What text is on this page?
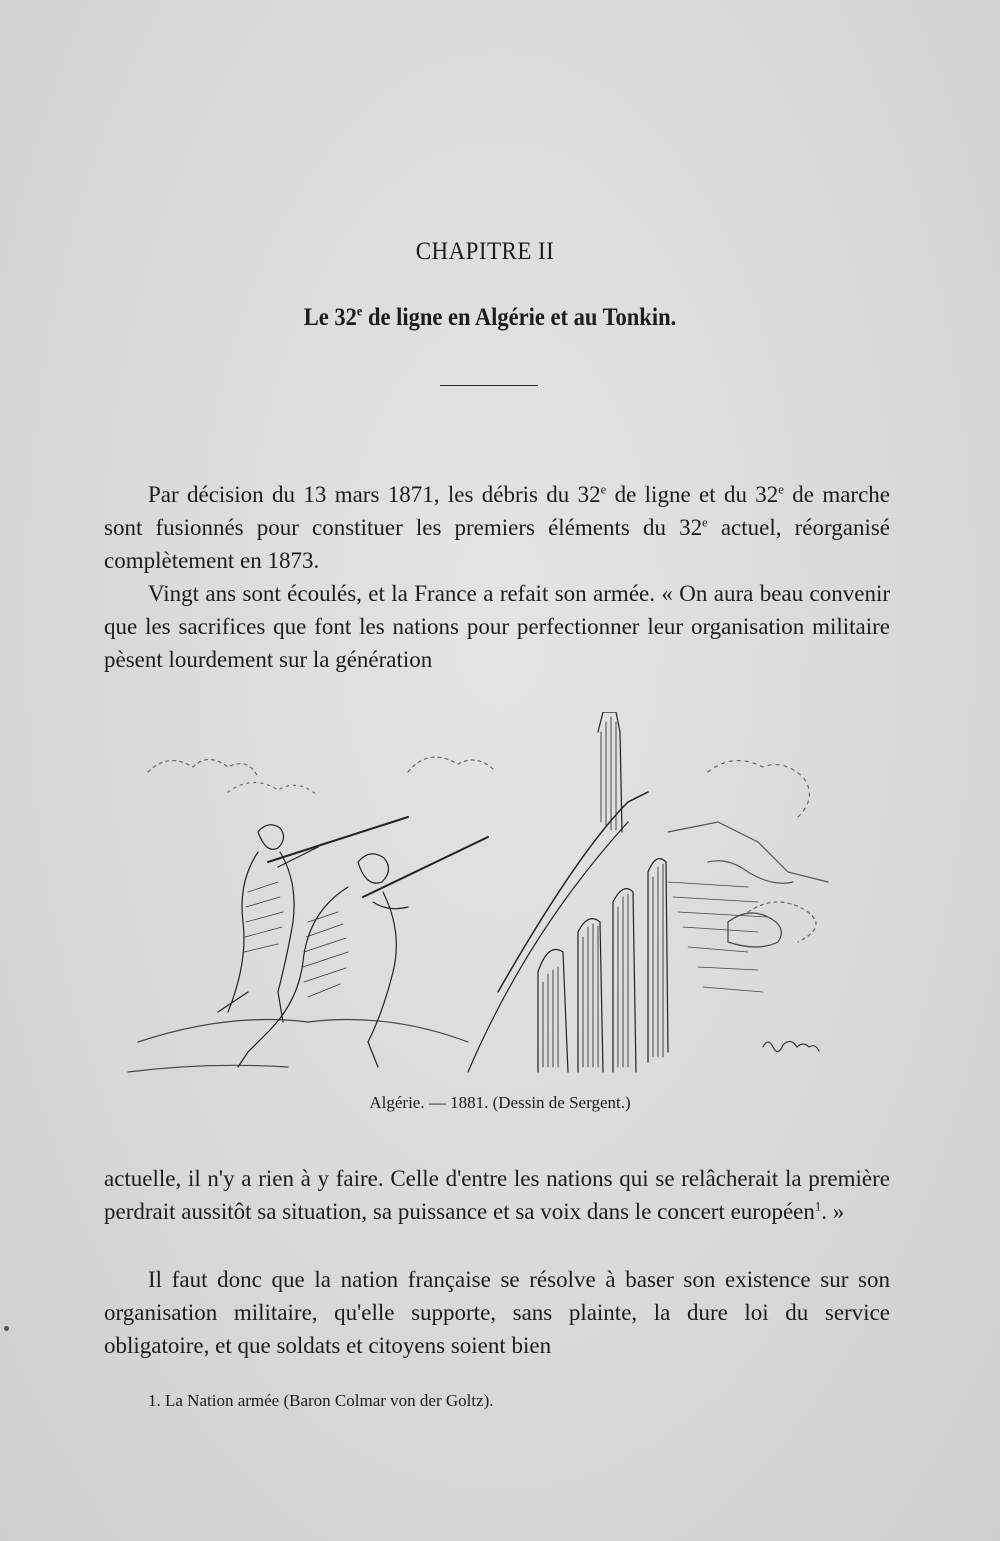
CHAPITRE II
Le 32e de ligne en Algérie et au Tonkin.

Par décision du 13 mars 1871, les débris du 32e de ligne et du 32e de marche sont fusionnés pour constituer les premiers éléments du 32e actuel, réorganisé complètement en 1873.
Vingt ans sont écoulés, et la France a refait son armée. « On aura beau convenir que les sacrifices que font les nations pour perfectionner leur organisation militaire pèsent lourdement sur la génération

Algérie. — 1881. (Dessin de Sergent.)

actuelle, il n'y a rien à y faire. Celle d'entre les nations qui se relâcherait la première perdrait aussitôt sa situation, sa puissance et sa voix dans le concert européen$^1$. »

Il faut donc que la nation française se résolve à baser son existence sur son organisation militaire, qu'elle supporte, sans plainte, la dure loi du service obligatoire, et que soldats et citoyens soient bien

1. La Nation armée (Baron Colmar von der Goltz).
